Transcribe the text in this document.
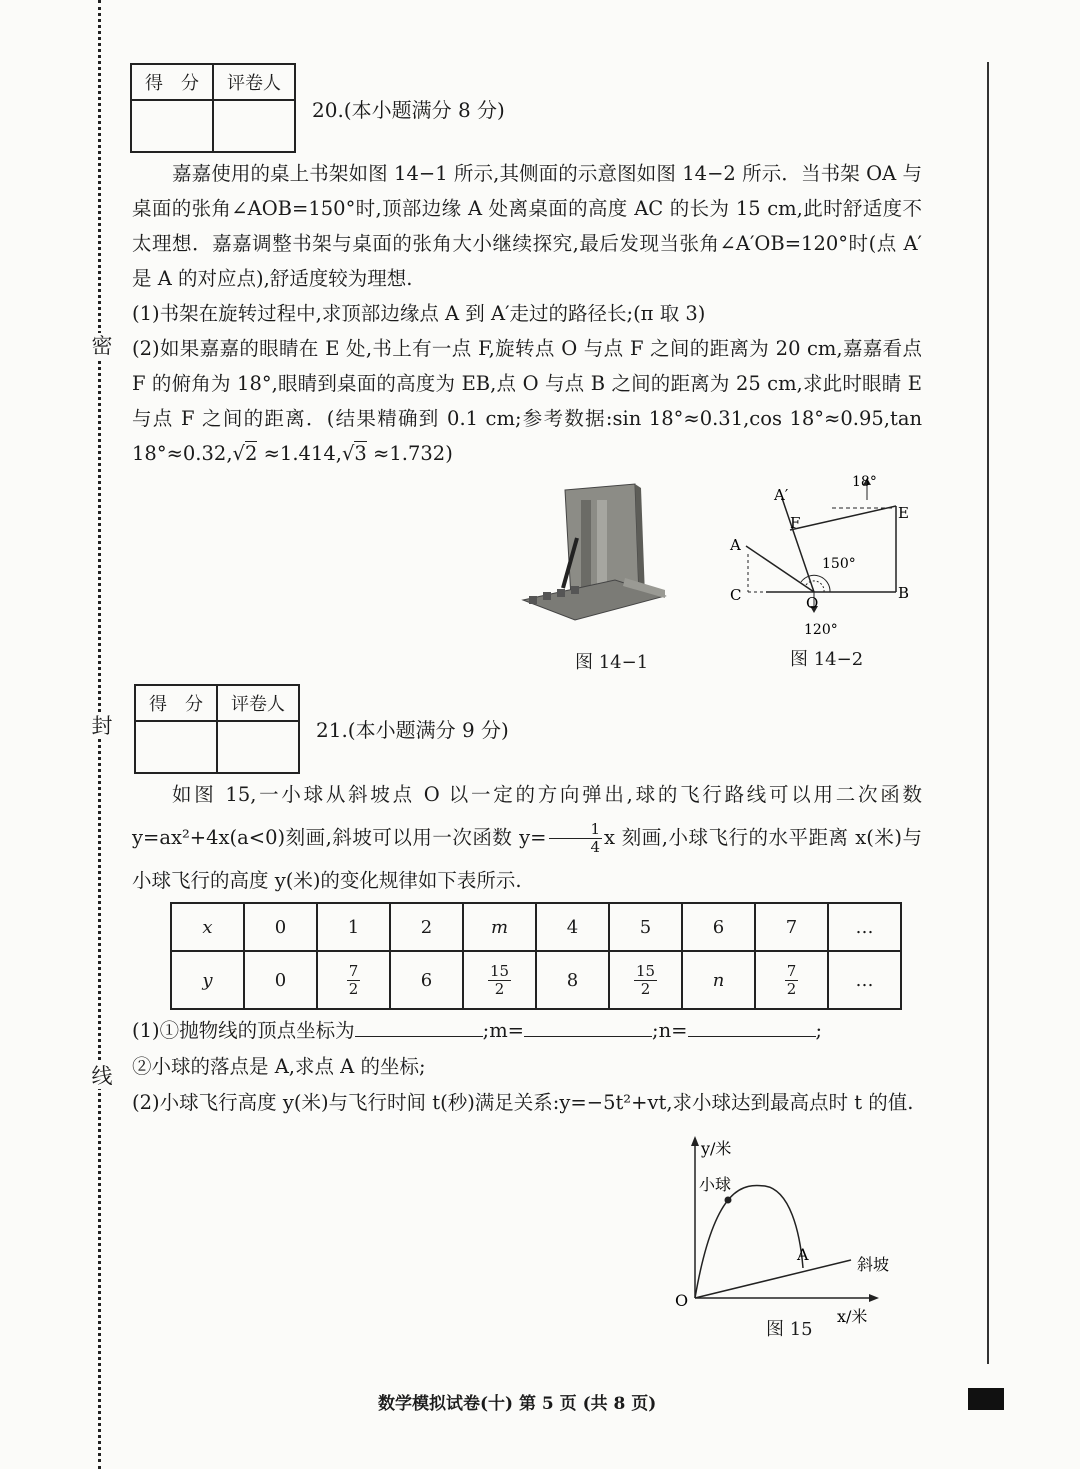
密
封
线
得　分	评卷人

20.(本小题满分 8 分)

嘉嘉使用的桌上书架如图 14−1 所示,其侧面的示意图如图 14−2 所示．当书架 OA 与桌面的张角∠AOB=150°时,顶部边缘 A 处离桌面的高度 AC 的长为 15 cm,此时舒适度不太理想．嘉嘉调整书架与桌面的张角大小继续探究,最后发现当张角∠A′OB=120°时(点 A′是 A 的对应点),舒适度较为理想.

(1)书架在旋转过程中,求顶部边缘点 A 到 A′走过的路径长;(π 取 3)

(2)如果嘉嘉的眼睛在 E 处,书上有一点 F,旋转点 O 与点 F 之间的距离为 20 cm,嘉嘉看点 F 的俯角为 18°,眼睛到桌面的高度为 EB,点 O 与点 B 之间的距离为 25 cm,求此时眼睛 E 与点 F 之间的距离．(结果精确到 0.1 cm;参考数据:sin 18°≈0.31,cos 18°≈0.95,tan 18°≈0.32,√2 ≈1.414,√3 ≈1.732)

图 14−1
A′
F
E
A
C	O
B
18°
150°
120°
图 14−2
得　分	评卷人

21.(本小题满分 9 分)

如图 15,一小球从斜坡点 O 以一定的方向弹出,球的飞行路线可以用二次函数 y=ax²+4x(a<0)刻画,斜坡可以用一次函数 $y= \frac{1}{4}$ x 刻画,小球飞行的水平距离 x(米)与小球飞行的高度 y(米)的变化规律如下表所示.

x	0	1	2	m	4	5	6	7	…
y	0	$\frac{7}{2}$	6	$\frac{15}{2}$	8	$\frac{15}{2}$	n	$\frac{7}{2}$	…

(1)①抛物线的顶点坐标为	;m=	;n=	;

②小球的落点是 A,求点 A 的坐标;

(2)小球飞行高度 y(米)与飞行时间 t(秒)满足关系:y=−5t²+vt,求小球达到最高点时 t 的值.

y/米
x/米
小球
斜坡
A
O
图 15
数学模拟试卷(十) 第 5 页 (共 8 页)
